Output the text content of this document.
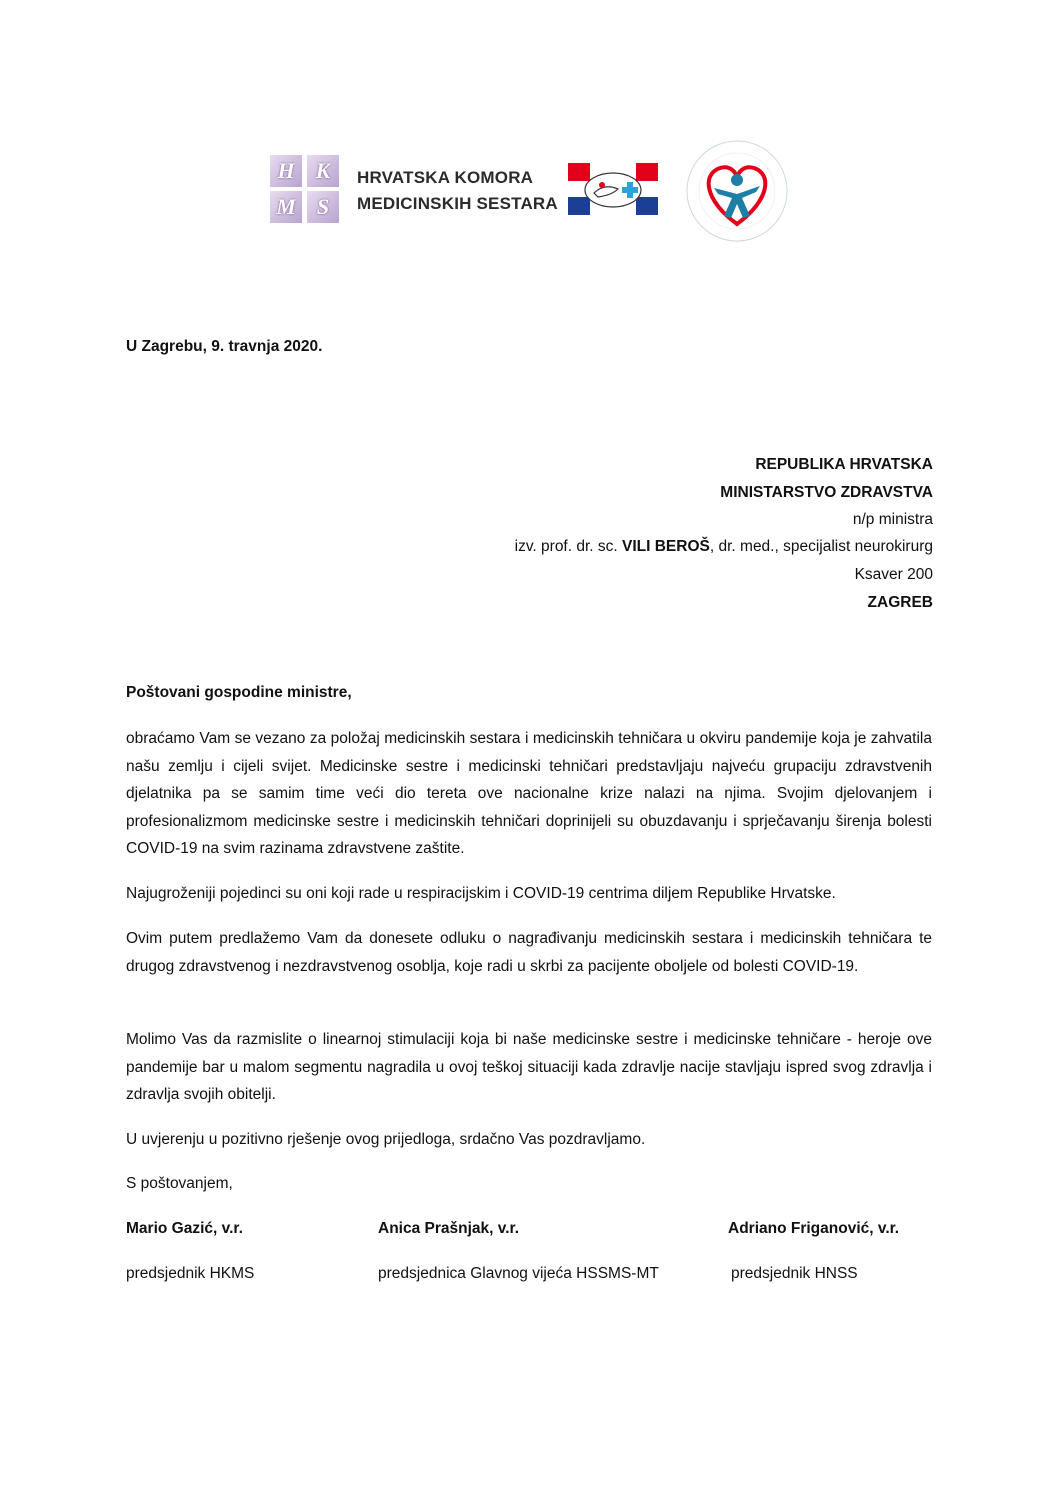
H K
M S
HRVATSKA KOMORA
MEDICINSKIH SESTARA
U Zagrebu, 9. travnja 2020.
REPUBLIKA HRVATSKA
MINISTARSTVO ZDRAVSTVA
n/p ministra
izv. prof. dr. sc. VILI BEROŠ, dr. med., specijalist neurokirurg
Ksaver 200
ZAGREB
Poštovani gospodine ministre,
obraćamo Vam se vezano za položaj medicinskih sestara i medicinskih tehničara u okviru pandemije koja je zahvatila našu zemlju i cijeli svijet. Medicinske sestre i medicinski tehničari predstavljaju najveću grupaciju zdravstvenih djelatnika pa se samim time veći dio tereta ove nacionalne krize nalazi na njima. Svojim djelovanjem i profesionalizmom medicinske sestre i medicinskih tehničari doprinijeli su obuzdavanju i sprječavanju širenja bolesti COVID-19 na svim razinama zdravstvene zaštite.
Najugroženiji pojedinci su oni koji rade u respiracijskim i COVID-19 centrima diljem Republike Hrvatske.
Ovim putem predlažemo Vam da donesete odluku o nagrađivanju medicinskih sestara i medicinskih tehničara te drugog zdravstvenog i nezdravstvenog osoblja, koje radi u skrbi za pacijente oboljele od bolesti COVID-19.
Molimo Vas da razmislite o linearnoj stimulaciji koja bi naše medicinske sestre i medicinske tehničare - heroje ove pandemije bar u malom segmentu nagradila u ovoj teškoj situaciji kada zdravlje nacije stavljaju ispred svog zdravlja i zdravlja svojih obitelji.
U uvjerenju u pozitivno rješenje ovog prijedloga, srdačno Vas pozdravljamo.
S poštovanjem,
Mario Gazić, v.r.	Anica Prašnjak, v.r.	Adriano Friganović, v.r.
predsjednik HKMS	predsjednica Glavnog vijeća HSSMS-MT	predsjednik HNSS
